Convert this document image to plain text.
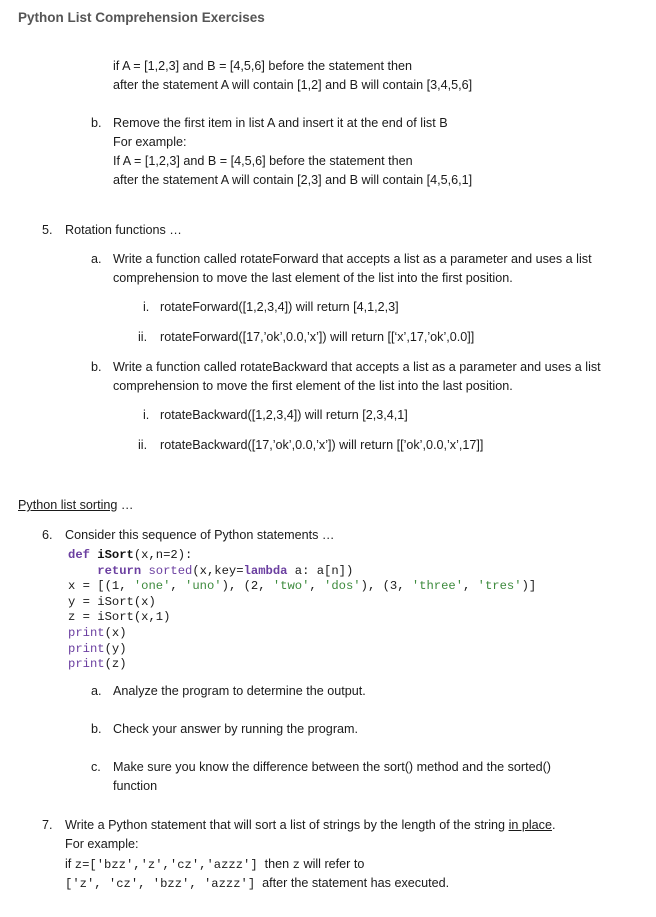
Python List Comprehension Exercises
if A = [1,2,3] and B = [4,5,6] before the statement then
after the statement A will contain [1,2] and B will contain [3,4,5,6]
b. Remove the first item in list A and insert it at the end of list B
For example:
If A = [1,2,3] and B = [4,5,6] before the statement then
after the statement A will contain [2,3] and B will contain [4,5,6,1]
5. Rotation functions …
a. Write a function called rotateForward that accepts a list as a parameter and uses a list
comprehension to move the last element of the list into the first position.
i. rotateForward([1,2,3,4]) will return [4,1,2,3]
ii. rotateForward([17,’ok’,0.0,’x’]) will return [[‘x’,17,’ok’,0.0]]
b. Write a function called rotateBackward that accepts a list as a parameter and uses a list
comprehension to move the first element of the list into the last position.
i. rotateBackward([1,2,3,4]) will return [2,3,4,1]
ii. rotateBackward([17,’ok’,0.0,’x’]) will return [[’ok’,0.0,’x’,17]]
Python list sorting …
6. Consider this sequence of Python statements …
def iSort(x,n=2):
return sorted(x,key=lambda a: a[n])
x = [(1, 'one', 'uno'), (2, 'two', 'dos'), (3, 'three', 'tres')]
y = iSort(x)
z = iSort(x,1)
print(x)
print(y)
print(z)
a. Analyze the program to determine the output.
b. Check your answer by running the program.
c. Make sure you know the difference between the sort() method and the sorted()
function
7. Write a Python statement that will sort a list of strings by the length of the string in place.
For example:
if z=['bzz','z','cz','azzz']  then z will refer to
['z', 'cz', 'bzz', 'azzz']  after the statement has executed.
